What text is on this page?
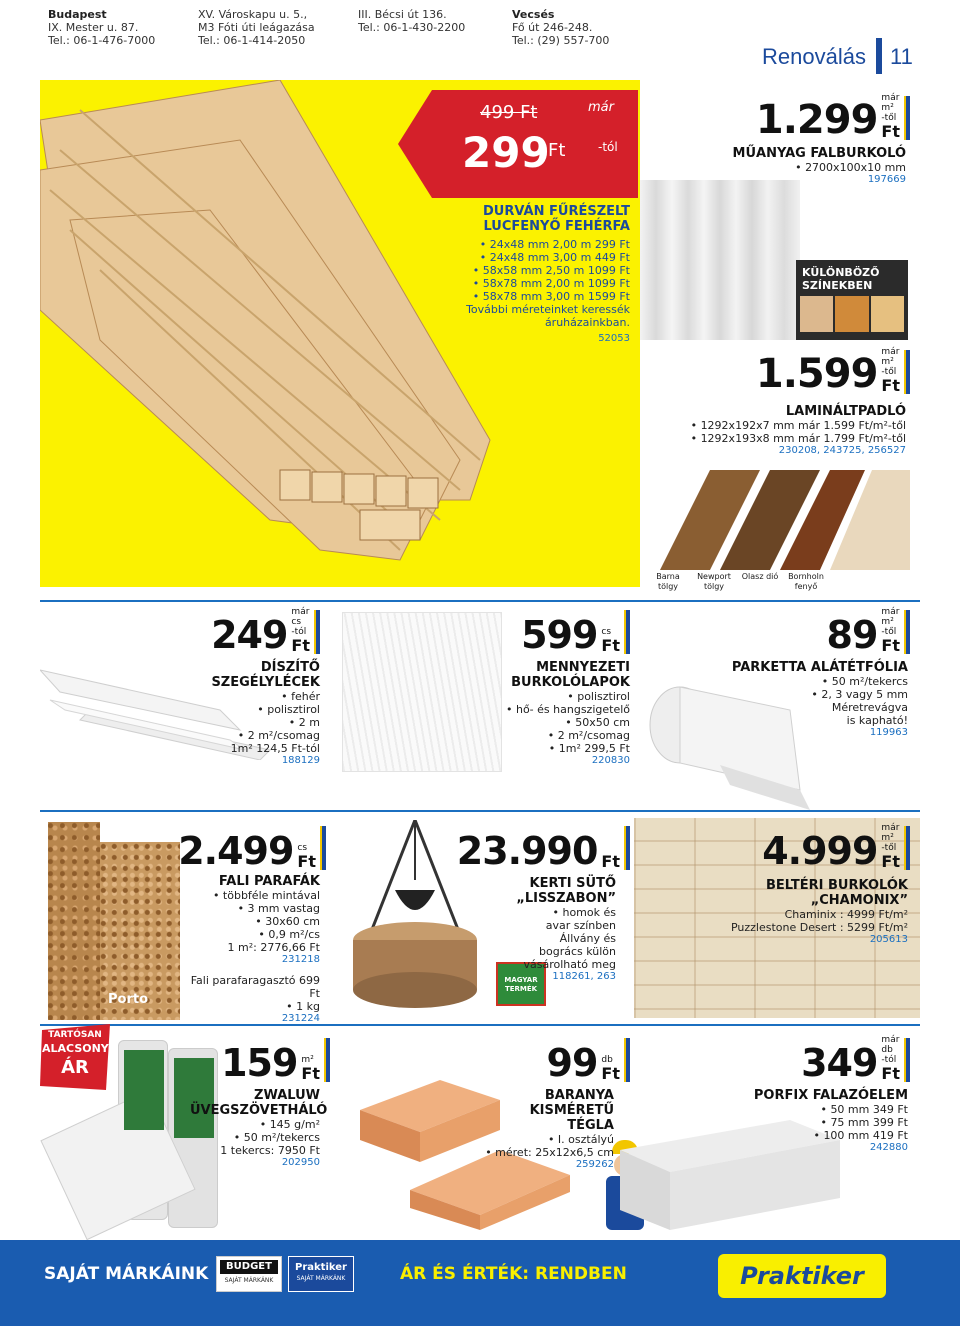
Budapest
IX. Mester u. 87.
Tel.: 06-1-476-7000
XV. Városkapu u. 5.,
M3 Fóti úti leágazása
Tel.: 06-1-414-2050
III. Bécsi út 136.
Tel.: 06-1-430-2200
Vecsés
Fő út 246-248.
Tel.: (29) 557-700
Renoválás 11
499 Ft
299
Ft
már
-tól
DURVÁN FŰRÉSZELT
LUCFENYŐ FEHÉRFA
• 24x48 mm 2,00 m 299 Ft
• 24x48 mm 3,00 m 449 Ft
• 58x58 mm 2,50 m 1099 Ft
• 58x78 mm 2,00 m 1099 Ft
• 58x78 mm 3,00 m 1599 Ft
További méreteinket keressék
áruházainkban.
52053
1.299 már
m²
-től
Ft
MŰANYAG FALBURKOLÓ
• 2700x100x10 mm
197669
KÜLÖNBÖZŐ
SZÍNEKBEN
1.599 már
m²
-től
Ft
LAMINÁLTPADLÓ
• 1292x192x7 mm már 1.599 Ft/m²-től
• 1292x193x8 mm már 1.799 Ft/m²-től
230208, 243725, 256527
Barna tölgy
Newport tölgy
Olasz dió	Bornholn fenyő
249
már
cs
-tól
Ft
DÍSZÍTŐ
SZEGÉLYLÉCEK
• fehér
• polisztirol
• 2 m
• 2 m²/csomag
1m² 124,5 Ft-tól
188129
599 cs
Ft
MENNYEZETI
BURKOLÓLAPOK
• polisztirol
• hő- és hangszigetelő
• 50x50 cm
• 2 m²/csomag
• 1m² 299,5 Ft
220830
89
már
m²
-től
Ft
PARKETTA ALÁTÉTFÓLIA
• 50 m²/tekercs
• 2, 3 vagy 5 mm
Méretrevágva
is kapható!
119963
Porto
2.499 cs
Ft
FALI PARAFÁK
• többféle mintával
• 3 mm vastag
• 30x60 cm
• 0,9 m²/cs
1 m²: 2776,66 Ft
231218
Fali parafaragasztó 699 Ft
• 1 kg
231224
MAGYAR TERMÉK
23.990 Ft
KERTI SÜTŐ
„LISSZABON”
• homok és
avar színben
Állvány és
bogrács külön
vásárolható meg
118261, 263
4.999
már
m²
-től
Ft
BELTÉRI BURKOLÓK
„CHAMONIX”
Chaminix : 4999 Ft/m²
Puzzlestone Desert : 5299 Ft/m²
205613
TARTÓSAN
ALACSONY
ÁR	159 m²
Ft
ZWALUW
ÜVEGSZÖVETHÁLÓ
• 145 g/m²
• 50 m²/tekercs
1 tekercs: 7950 Ft
202950
99 db
Ft
BARANYA KISMÉRETŰ
TÉGLA
• I. osztályú
• méret: 25x12x6,5 cm
259262
349
már
db
-tól
Ft
PORFIX FALAZÓELEM
• 50 mm 349 Ft
• 75 mm 399 Ft
• 100 mm 419 Ft
242880
SAJÁT MÁRKÁINK	BUDGET
SAJÁT MÁRKÁNK
Praktiker
SAJÁT MÁRKÁNK	ÁR ÉS ÉRTÉK: RENDBEN	Praktiker
